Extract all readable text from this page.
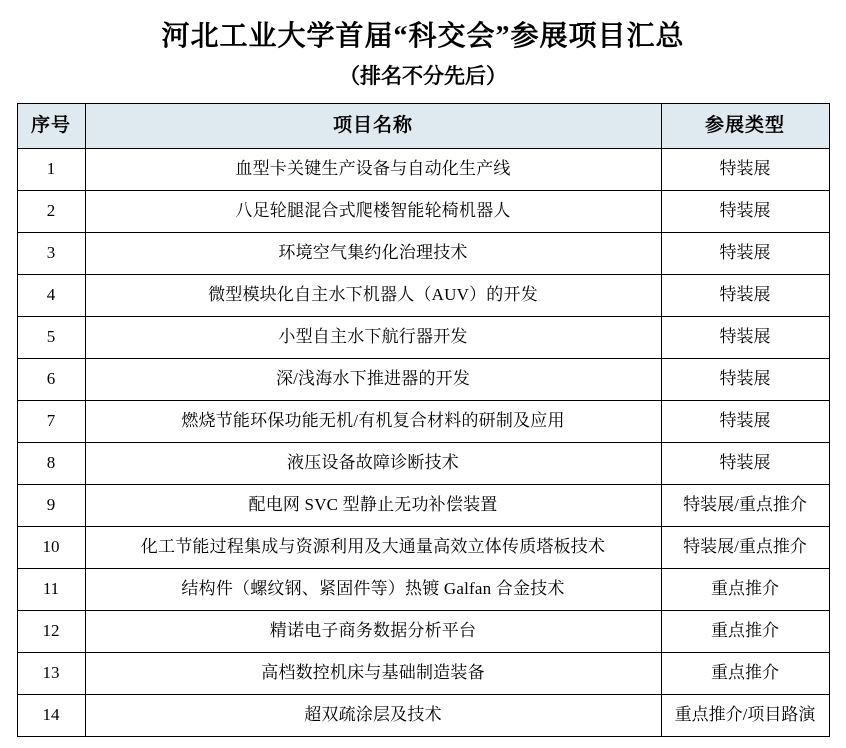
河北工业大学首届“科交会”参展项目汇总
（排名不分先后）
序号	项目名称	参展类型
1	血型卡关键生产设备与自动化生产线	特装展
2	八足轮腿混合式爬楼智能轮椅机器人	特装展
3	环境空气集约化治理技术	特装展
4	微型模块化自主水下机器人（AUV）的开发	特装展
5	小型自主水下航行器开发	特装展
6	深/浅海水下推进器的开发	特装展
7	燃烧节能环保功能无机/有机复合材料的研制及应用	特装展
8	液压设备故障诊断技术	特装展
9	配电网 SVC 型静止无功补偿装置	特装展/重点推介
10	化工节能过程集成与资源利用及大通量高效立体传质塔板技术	特装展/重点推介
11	结构件（螺纹钢、紧固件等）热镀 Galfan 合金技术	重点推介
12	精诺电子商务数据分析平台	重点推介
13	高档数控机床与基础制造装备	重点推介
14	超双疏涂层及技术	重点推介/项目路演
